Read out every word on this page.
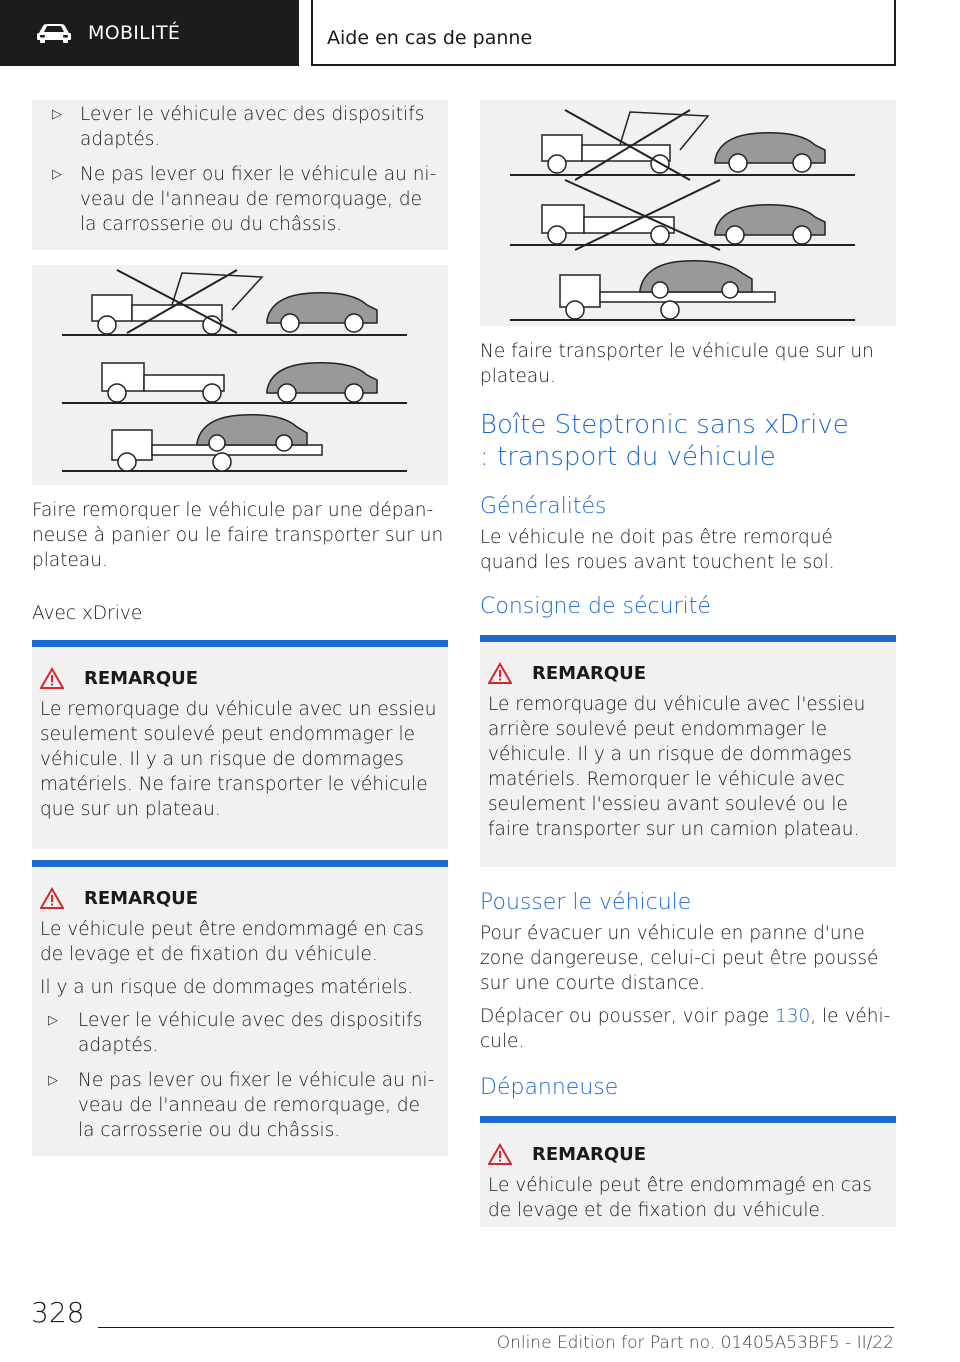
MOBILITÉ	Aide en cas de panne
▷ Lever le véhicule avec des dispositifs adaptés.
▷ Ne pas lever ou fixer le véhicule au niveau de l'anneau de remorquage, de la carrosserie ou du châssis.

Faire remorquer le véhicule par une dépanneuse à panier ou le faire transporter sur un plateau.

Avec xDrive

REMARQUE

Le remorquage du véhicule avec un essieu seulement soulevé peut endommager le véhicule. Il y a un risque de dommages matériels. Ne faire transporter le véhicule que sur un plateau.

REMARQUE

Le véhicule peut être endommagé en cas de levage et de fixation du véhicule.

Il y a un risque de dommages matériels.

▷	Lever le véhicule avec des dispositifs adaptés.
▷	Ne pas lever ou fixer le véhicule au niveau de l'anneau de remorquage, de la carrosserie ou du châssis.

Ne faire transporter le véhicule que sur un plateau.

Boîte Steptronic sans xDrive : transport du véhicule
Généralités

Le véhicule ne doit pas être remorqué quand les roues avant touchent le sol.

Consigne de sécurité
REMARQUE

Le remorquage du véhicule avec l'essieu arrière soulevé peut endommager le véhicule. Il y a un risque de dommages matériels. Remorquer le véhicule avec seulement l'essieu avant soulevé ou le faire transporter sur un camion plateau.

Pousser le véhicule

Pour évacuer un véhicule en panne d'une zone dangereuse, celui-ci peut être poussé sur une courte distance.

Déplacer ou pousser, voir page 130, le véhicule.

Dépanneuse
REMARQUE

Le véhicule peut être endommagé en cas de levage et de fixation du véhicule.

328
Online Edition for Part no. 01405A53BF5 - II/22
